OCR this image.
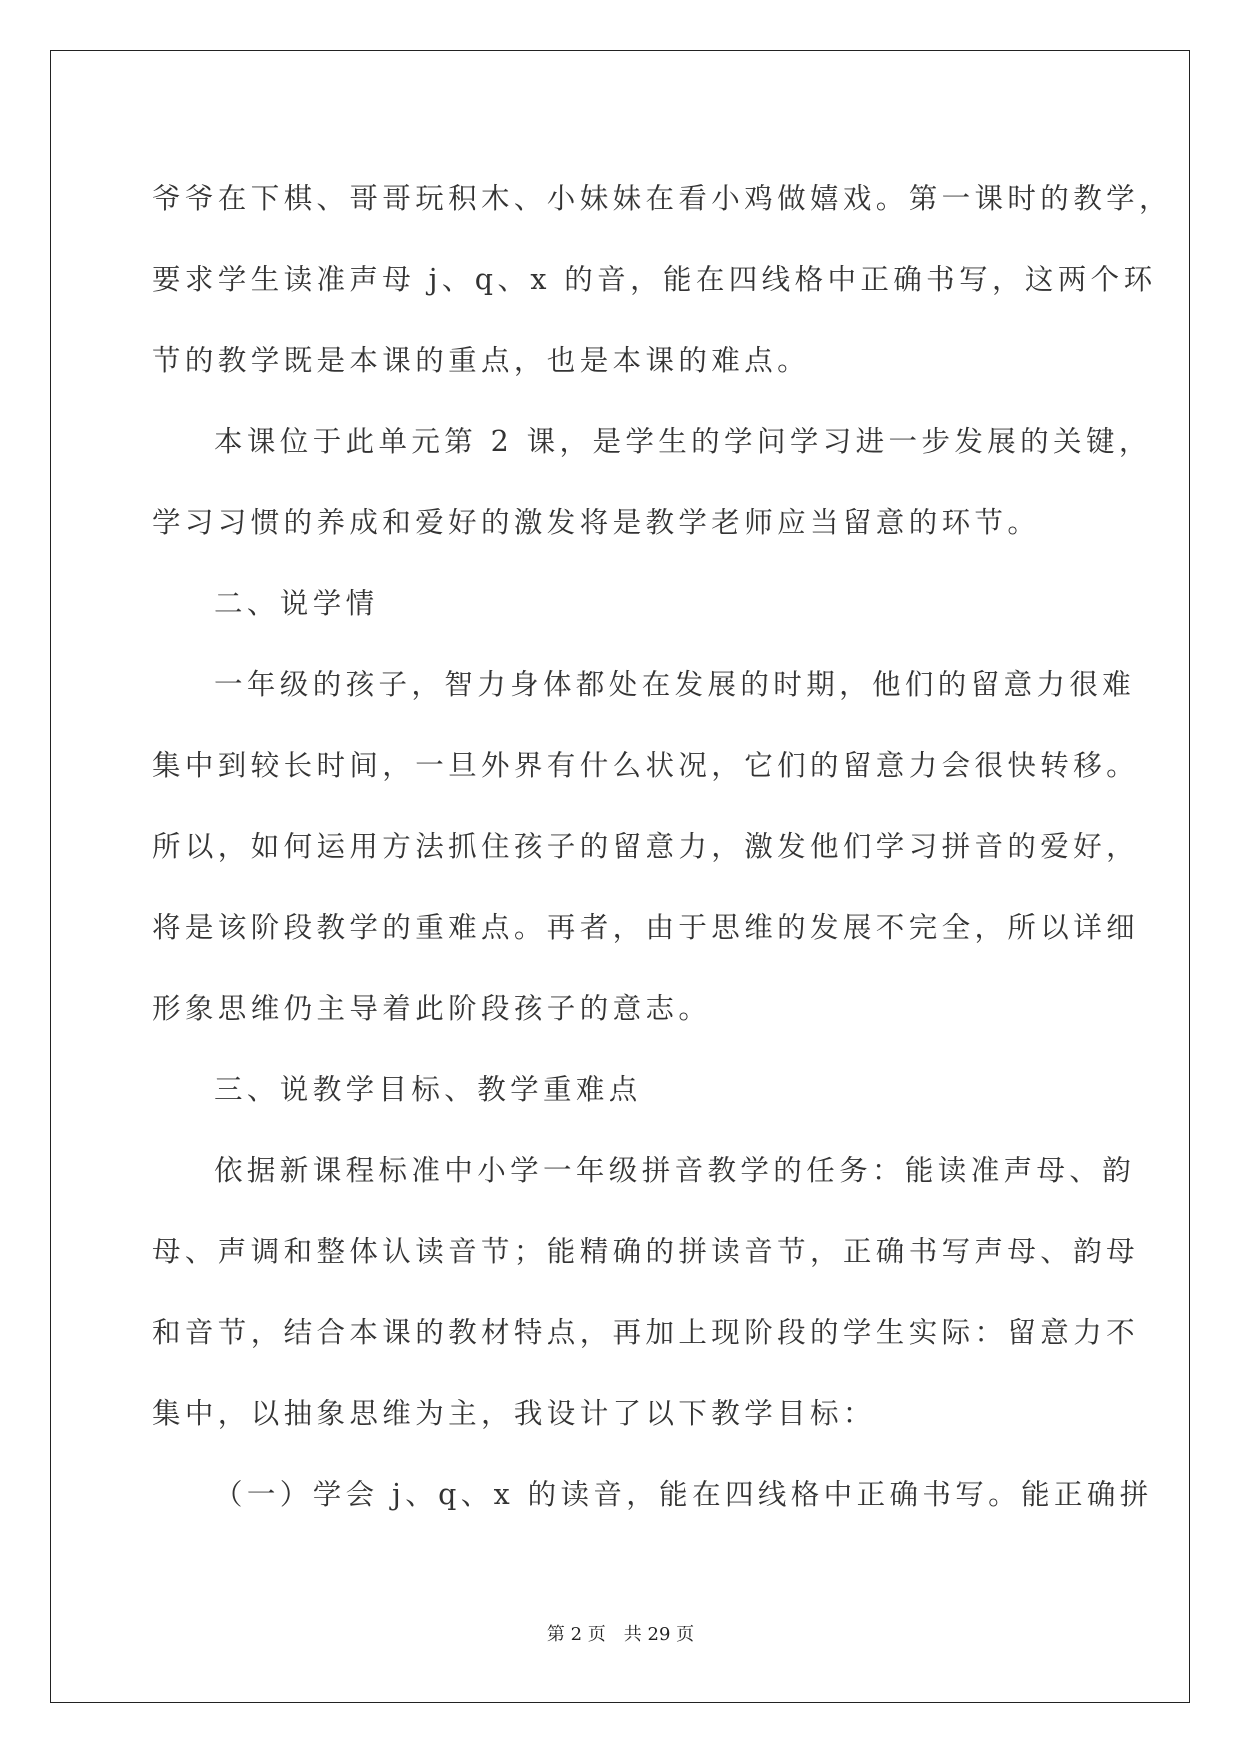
爷爷在下棋、哥哥玩积木、小妹妹在看小鸡做嬉戏。第一课时的教学，
要求学生读准声母 j、q、x 的音，能在四线格中正确书写，这两个环
节的教学既是本课的重点，也是本课的难点。
本课位于此单元第 2 课，是学生的学问学习进一步发展的关键，
学习习惯的养成和爱好的激发将是教学老师应当留意的环节。
二、说学情
一年级的孩子，智力身体都处在发展的时期，他们的留意力很难
集中到较长时间，一旦外界有什么状况，它们的留意力会很快转移。
所以，如何运用方法抓住孩子的留意力，激发他们学习拼音的爱好，
将是该阶段教学的重难点。再者，由于思维的发展不完全，所以详细
形象思维仍主导着此阶段孩子的意志。
三、说教学目标、教学重难点
依据新课程标准中小学一年级拼音教学的任务：能读准声母、韵
母、声调和整体认读音节；能精确的拼读音节，正确书写声母、韵母
和音节，结合本课的教材特点，再加上现阶段的学生实际：留意力不
集中，以抽象思维为主，我设计了以下教学目标：
（一）学会 j、q、x 的读音，能在四线格中正确书写。能正确拼
第 2 页 共 29 页
